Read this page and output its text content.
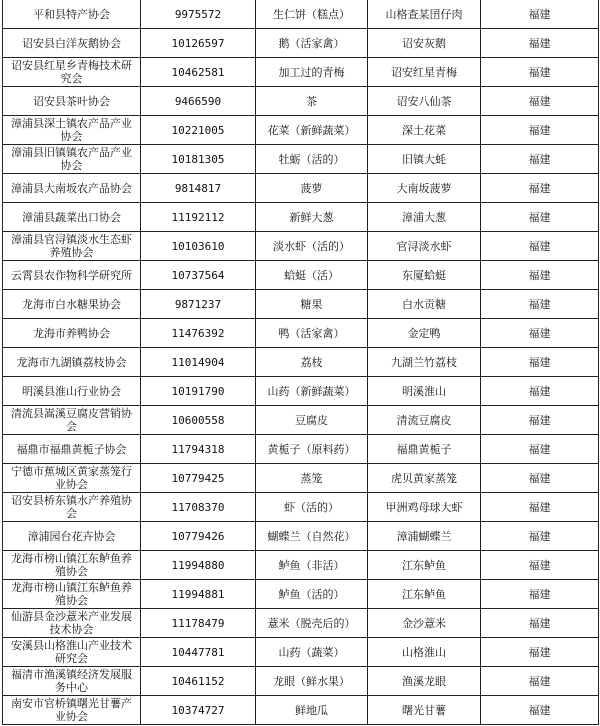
平和县特产协会	9975572	生仁饼（糕点）	山格查某囝仔肉	福建
诏安县白洋灰鹅协会	10126597	鹅（活家禽）	诏安灰鹅	福建
诏安县红星乡青梅技术研究会	10462581	加工过的青梅	诏安红星青梅	福建
诏安县茶叶协会	9466590	茶	诏安八仙茶	福建
漳浦县深土镇农产品产业协会	10221005	花菜（新鲜蔬菜）	深土花菜	福建
漳浦县旧镇镇农产品产业协会	10181305	牡蛎（活的）	旧镇大蚝	福建
漳浦县大南坂农产品协会	9814817	菠萝	大南坂菠萝	福建
漳浦县蔬菜出口协会	11192112	新鲜大葱	漳浦大葱	福建
漳浦县官浔镇淡水生态虾养殖协会	10103610	淡水虾（活的）	官浔淡水虾	福建
云霄县农作物科学研究所	10737564	蛤蜓（活）	东厦蛤蜓	福建
龙海市白水糖果协会	9871237	糖果	白水贡糖	福建
龙海市养鸭协会	11476392	鸭（活家禽）	金定鸭	福建
龙海市九湖镇荔枝协会	11014904	荔枝	九湖兰竹荔枝	福建
明溪县淮山行业协会	10191790	山药（新鲜蔬菜）	明溪淮山	福建
清流县嵩溪豆腐皮营销协会	10600558	豆腐皮	清流豆腐皮	福建
福鼎市福鼎黄栀子协会	11794318	黄栀子（原料药）	福鼎黄栀子	福建
宁德市蕉城区黄家蒸笼行业协会	10779425	蒸笼	虎贝黄家蒸笼	福建
诏安县桥东镇水产养殖协会	11708370	虾（活的）	甲洲鸡母球大虾	福建
漳浦园台花卉协会	10779426	蝴蝶兰（自然花）	漳浦蝴蝶兰	福建
龙海市榜山镇江东鲈鱼养殖协会	11994880	鲈鱼（非活）	江东鲈鱼	福建
龙海市榜山镇江东鲈鱼养殖协会	11994881	鲈鱼（活的）	江东鲈鱼	福建
仙游县金沙薏米产业发展技术协会	11178479	薏米（脱壳后的）	金沙薏米	福建
安溪县山格淮山产业技术研究会	10447781	山药（蔬菜）	山格淮山	福建
福清市渔溪镇经济发展服务中心	10461152	龙眼（鲜水果）	渔溪龙眼	福建
南安市官桥镇曙光甘薯产业协会	10374727	鲜地瓜	曙光甘薯	福建
